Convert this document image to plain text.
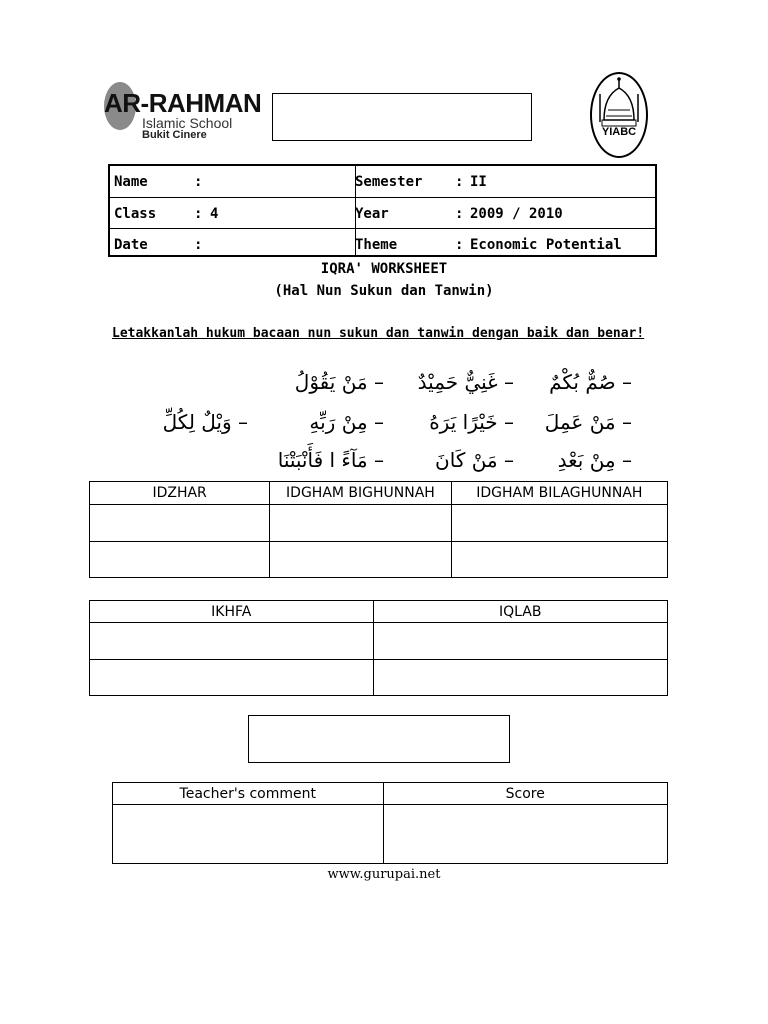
AR-RAHMAN
Islamic School
Bukit Cinere	YIABC
Name	:	Semester : II
Class	: 4	Year	: 2009 / 2010
Date	:	Theme	: Economic Potential
IQRA' WORKSHEET
(Hal Nun Sukun dan Tanwin)
Letakkanlah hukum bacaan nun sukun dan tanwin dengan baik dan benar!
– صُمٌّ بُكْمٌ
– غَنِيٌّ حَمِيْدٌ
– مَنْ يَقُوْلُ
– مَنْ عَمِلَ
– خَيْرًا يَرَهُ
– مِنْ رَبِّهِ
– وَيْلٌ لِكُلِّ
– مِنْ بَعْدِ
– مَنْ كَانَ
– مَآءً ا فَأَنْبَتْنَا
IDZHAR	IDGHAM BIGHUNNAH	IDGHAM BILAGHUNNAH

IKHFA	IQLAB

Teacher's comment	Score

www.gurupai.net
